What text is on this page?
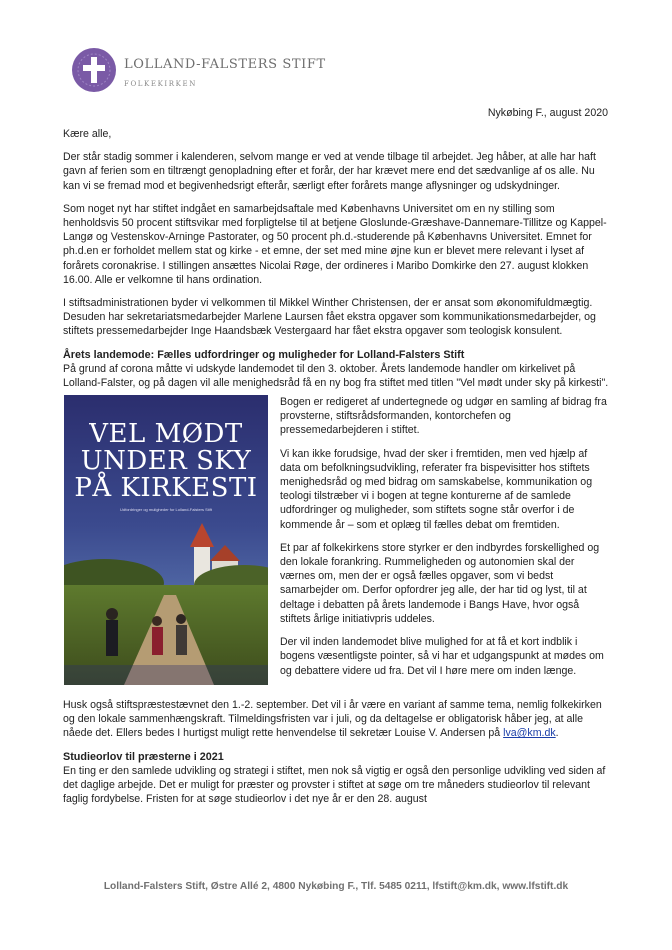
LOLLAND-FALSTERS STIFT
FOLKEKIRKEN
Nykøbing F., august 2020

Kære alle,

Der står stadig sommer i kalenderen, selvom mange er ved at vende tilbage til arbejdet. Jeg håber, at alle har haft gavn af ferien som en tiltrængt genopladning efter et forår, der har krævet mere end det sædvanlige af os alle. Nu kan vi se fremad mod et begivenhedsrigt efterår, særligt efter forårets mange aflysninger og udskydninger.

Som noget nyt har stiftet indgået en samarbejdsaftale med Københavns Universitet om en ny stilling som henholdsvis 50 procent stiftsvikar med forpligtelse til at betjene Gloslunde-Græshave-Dannemare-Tillitze og Kappel-Langø og Vestenskov-Arninge Pastorater, og 50 procent ph.d.-studerende på Københavns Universitet. Emnet for ph.d.en er forholdet mellem stat og kirke - et emne, der set med mine øjne kun er blevet mere relevant i lyset af forårets coronakrise. I stillingen ansættes Nicolai Røge, der ordineres i Maribo Domkirke den 27. august klokken 16.00. Alle er velkomne til hans ordination.

I stiftsadministrationen byder vi velkommen til Mikkel Winther Christensen, der er ansat som økonomifuldmægtig. Desuden har sekretariatsmedarbejder Marlene Laursen fået ekstra opgaver som kommunikationsmedarbejder, og stiftets pressemedarbejder Inge Haandsbæk Vestergaard har fået ekstra opgaver som teologisk konsulent.

Årets landemode: Fælles udfordringer og muligheder for Lolland-Falsters Stift

På grund af corona måtte vi udskyde landemodet til den 3. oktober. Årets landemode handler om kirkelivet på Lolland-Falster, og på dagen vil alle menighedsråd få en ny bog fra stiftet med titlen "Vel mødt under sky på kirkesti".

VEL MØDT
UNDER SKY
PÅ KIRKESTI
Udfordringer og muligheder for Lolland-Falsters Stift

Bogen er redigeret af undertegnede og udgør en samling af bidrag fra provsterne, stiftsrådsformanden, kontorchefen og pressemedarbejderen i stiftet.

Vi kan ikke forudsige, hvad der sker i fremtiden, men ved hjælp af data om befolkningsudvikling, referater fra bispevisitter hos stiftets menighedsråd og med bidrag om samskabelse, kommunikation og teologi tilstræber vi i bogen at tegne konturerne af de samlede udfordringer og muligheder, som stiftets sogne står overfor i de kommende år – som et oplæg til fælles debat om fremtiden.

Et par af folkekirkens store styrker er den indbyrdes forskellighed og den lokale forankring. Rummeligheden og autonomien skal der værnes om, men der er også fælles opgaver, som vi bedst samarbejder om. Derfor opfordrer jeg alle, der har tid og lyst, til at deltage i debatten på årets landemode i Bangs Have, hvor også stiftets årlige initiativpris uddeles.

Der vil inden landemodet blive mulighed for at få et kort indblik i bogens væsentligste pointer, så vi har et udgangspunkt at mødes om og debattere videre ud fra. Det vil I høre mere om inden længe.

Husk også stiftspræstestævnet den 1.-2. september. Det vil i år være en variant af samme tema, nemlig folkekirken og den lokale sammenhængskraft. Tilmeldingsfristen var i juli, og da deltagelse er obligatorisk håber jeg, at alle nåede det. Ellers bedes I hurtigst muligt rette henvendelse til sekretær Louise V. Andersen på lva@km.dk.

Studieorlov til præsterne i 2021

En ting er den samlede udvikling og strategi i stiftet, men nok så vigtig er også den personlige udvikling ved siden af det daglige arbejde. Det er muligt for præster og provster i stiftet at søge om tre måneders studieorlov til relevant faglig fordybelse. Fristen for at søge studieorlov i det nye år er den 28. august

Lolland-Falsters Stift, Østre Allé 2, 4800 Nykøbing F., Tlf. 5485 0211, lfstift@km.dk, www.lfstift.dk
